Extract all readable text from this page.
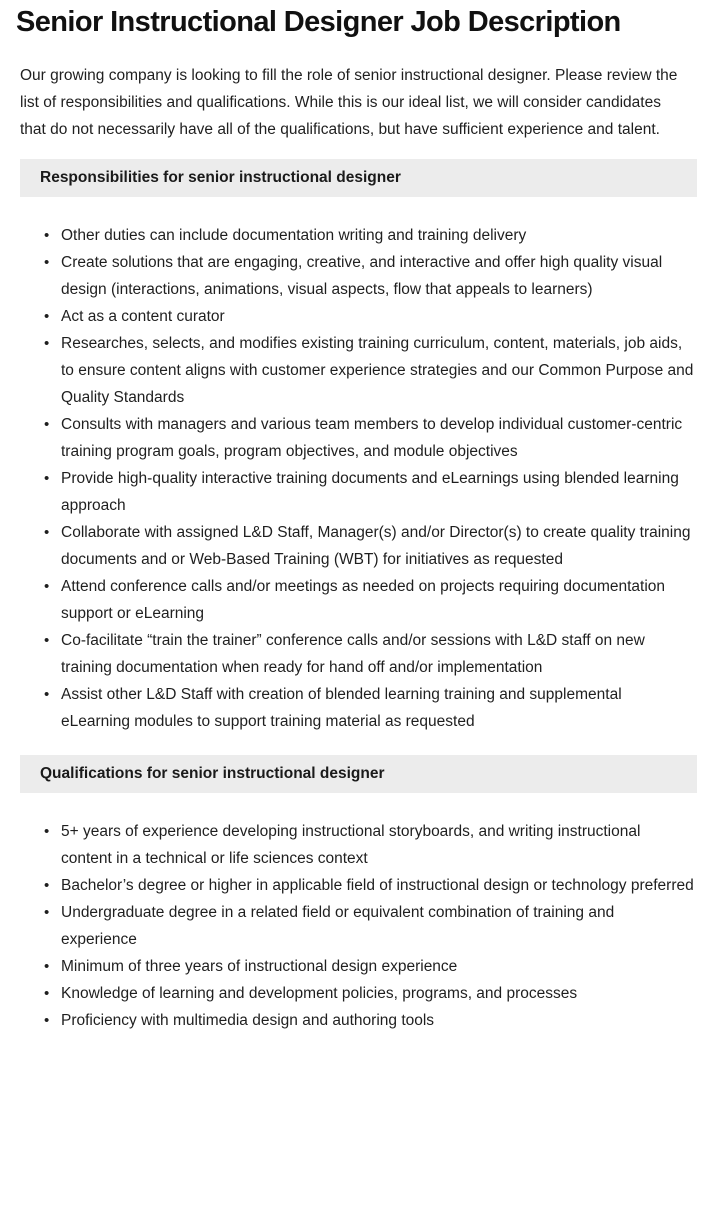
Senior Instructional Designer Job Description

Our growing company is looking to fill the role of senior instructional designer. Please review the list of responsibilities and qualifications. While this is our ideal list, we will consider candidates that do not necessarily have all of the qualifications, but have sufficient experience and talent.

Responsibilities for senior instructional designer
• Other duties can include documentation writing and training delivery
• Create solutions that are engaging, creative, and interactive and offer high quality visual design (interactions, animations, visual aspects, flow that appeals to learners)
• Act as a content curator
• Researches, selects, and modifies existing training curriculum, content, materials, job aids, to ensure content aligns with customer experience strategies and our Common Purpose and Quality Standards
• Consults with managers and various team members to develop individual customer-centric training program goals, program objectives, and module objectives
• Provide high-quality interactive training documents and eLearnings using blended learning approach
• Collaborate with assigned L&D Staff, Manager(s) and/or Director(s) to create quality training documents and or Web-Based Training (WBT) for initiatives as requested
• Attend conference calls and/or meetings as needed on projects requiring documentation support or eLearning
• Co-facilitate “train the trainer” conference calls and/or sessions with L&D staff on new training documentation when ready for hand off and/or implementation
• Assist other L&D Staff with creation of blended learning training and supplemental eLearning modules to support training material as requested
Qualifications for senior instructional designer
• 5+ years of experience developing instructional storyboards, and writing instructional content in a technical or life sciences context
• Bachelor’s degree or higher in applicable field of instructional design or technology preferred
• Undergraduate degree in a related field or equivalent combination of training and experience
• Minimum of three years of instructional design experience
• Knowledge of learning and development policies, programs, and processes
• Proficiency with multimedia design and authoring tools
